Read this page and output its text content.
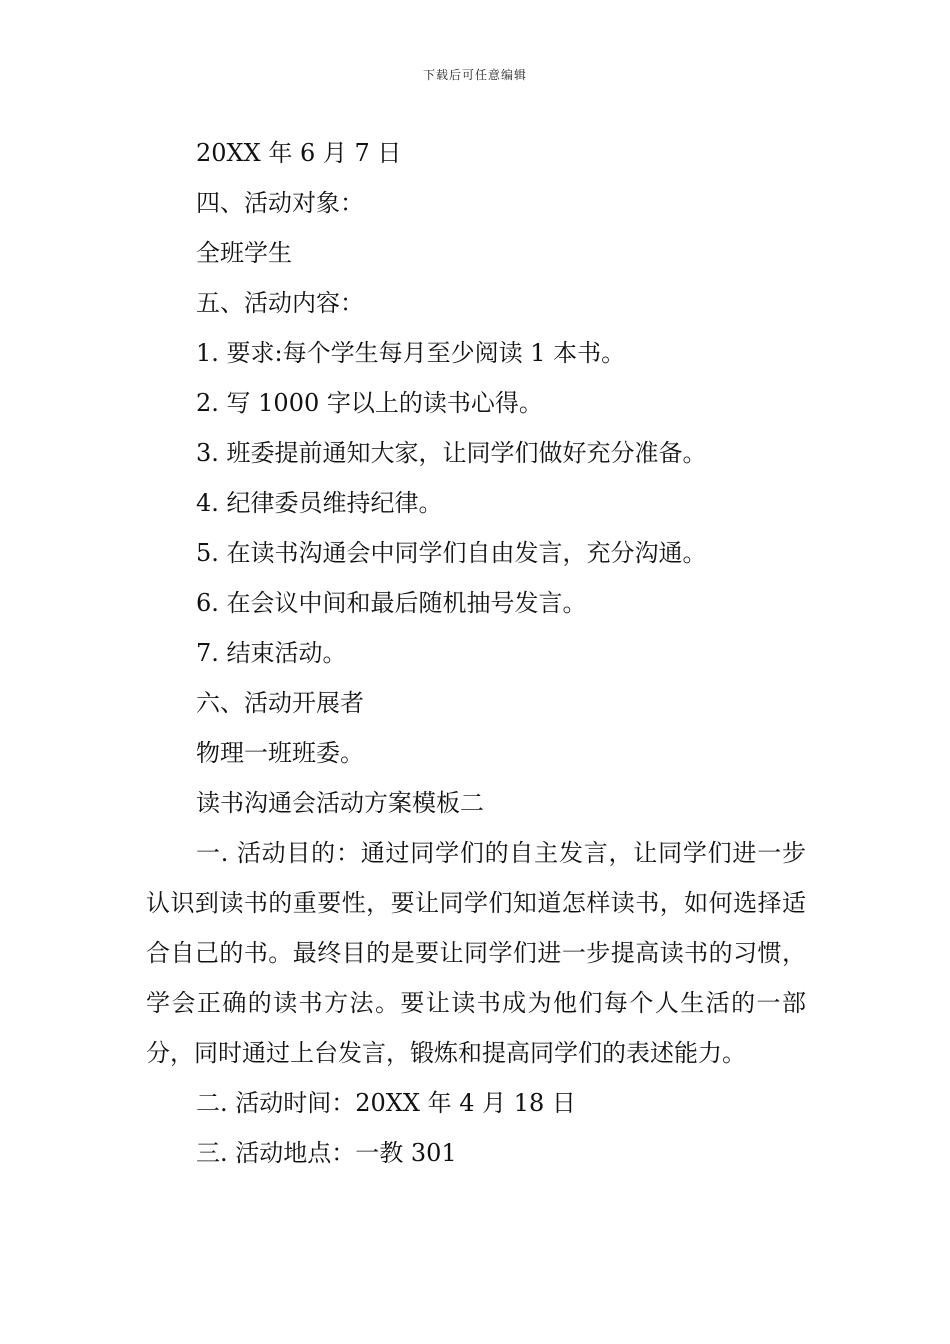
下载后可任意编辑

20XX 年 6 月 7 日

四、活动对象：

全班学生

五、活动内容：

1. 要求:每个学生每月至少阅读 1 本书。

2. 写 1000 字以上的读书心得。

3. 班委提前通知大家，让同学们做好充分准备。

4. 纪律委员维持纪律。

5. 在读书沟通会中同学们自由发言，充分沟通。

6. 在会议中间和最后随机抽号发言。

7. 结束活动。

六、活动开展者

物理一班班委。

读书沟通会活动方案模板二

一. 活动目的：通过同学们的自主发言，让同学们进一步认识到读书的重要性，要让同学们知道怎样读书，如何选择适合自己的书。最终目的是要让同学们进一步提高读书的习惯，学会正确的读书方法。要让读书成为他们每个人生活的一部分，同时通过上台发言，锻炼和提高同学们的表述能力。

二. 活动时间：20XX 年 4 月 18 日

三. 活动地点：一教 301
